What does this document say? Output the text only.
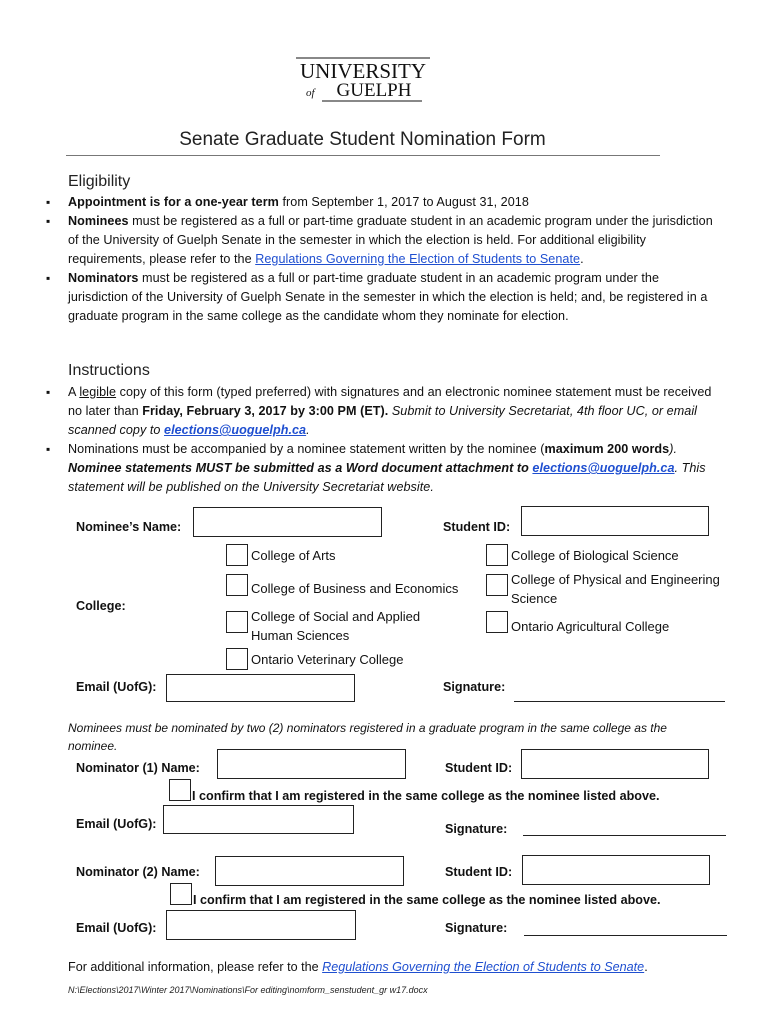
UNIVERSITY
of GUELPH
Senate Graduate Student Nomination Form
Eligibility
▪ Appointment is for a one-year term from September 1, 2017 to August 31, 2018
▪ Nominees must be registered as a full or part-time graduate student in an academic program under the jurisdiction of the University of Guelph Senate in the semester in which the election is held. For additional eligibility requirements, please refer to the Regulations Governing the Election of Students to Senate.
▪ Nominators must be registered as a full or part-time graduate student in an academic program under the jurisdiction of the University of Guelph Senate in the semester in which the election is held; and, be registered in a graduate program in the same college as the candidate whom they nominate for election.
Instructions
▪ A legible copy of this form (typed preferred) with signatures and an electronic nominee statement must be received no later than Friday, February 3, 2017 by 3:00 PM (ET). Submit to University Secretariat, 4th floor UC, or email scanned copy to elections@uoguelph.ca.
▪ Nominations must be accompanied by a nominee statement written by the nominee (maximum 200 words). Nominee statements MUST be submitted as a Word document attachment to elections@uoguelph.ca. This statement will be published on the University Secretariat website.
Nominee’s Name:	Student ID:
College:
College of Arts
College of Business and Economics
College of Social and Applied Human Sciences
Ontario Veterinary College
College of Biological Science
College of Physical and Engineering Science
Ontario Agricultural College
Email (UofG):	Signature:
Nominees must be nominated by two (2) nominators registered in a graduate program in the same college as the nominee.
Nominator (1) Name:	Student ID:
I confirm that I am registered in the same college as the nominee listed above.
Email (UofG):	Signature:
Nominator (2) Name:	Student ID:
I confirm that I am registered in the same college as the nominee listed above.
Email (UofG):	Signature:
For additional information, please refer to the Regulations Governing the Election of Students to Senate.
N:\Elections\2017\Winter 2017\Nominations\For editing\nomform_senstudent_gr w17.docx
